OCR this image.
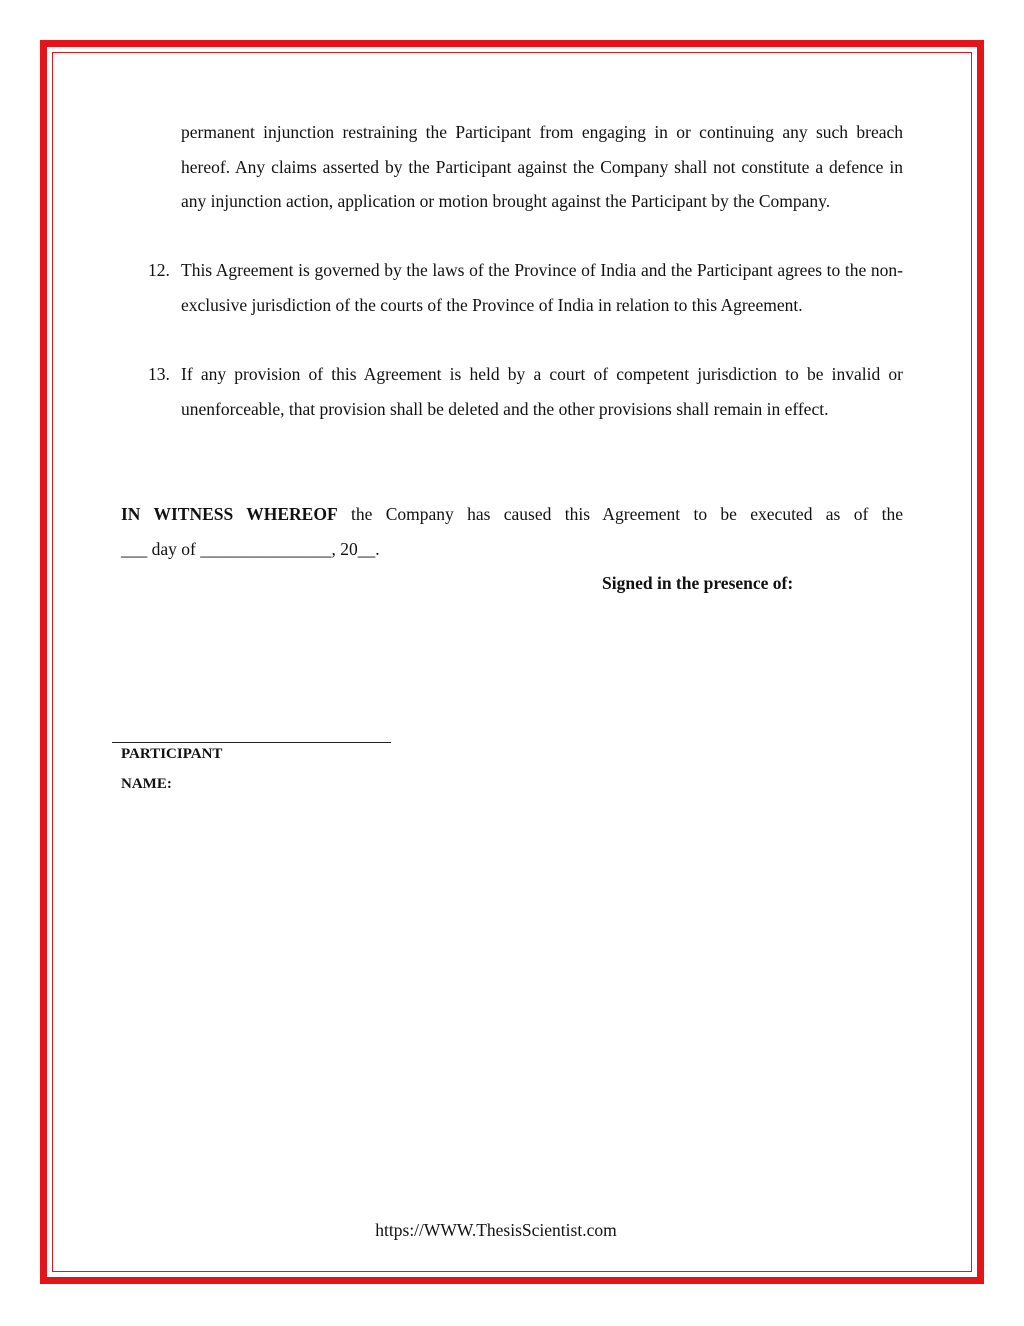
permanent injunction restraining the Participant from engaging in or continuing any such breach hereof. Any claims asserted by the Participant against the Company shall not constitute a defence in any injunction action, application or motion brought against the Participant by the Company.
12. This Agreement is governed by the laws of the Province of India and the Participant agrees to the non-exclusive jurisdiction of the courts of the Province of India in relation to this Agreement.
13. If any provision of this Agreement is held by a court of competent jurisdiction to be invalid or unenforceable, that provision shall be deleted and the other provisions shall remain in effect.
IN WITNESS WHEREOF the Company has caused this Agreement to be executed as of the
___ day of _______________, 20__.
Signed in the presence of:
PARTICIPANT
NAME:
https://WWW.ThesisScientist.com
